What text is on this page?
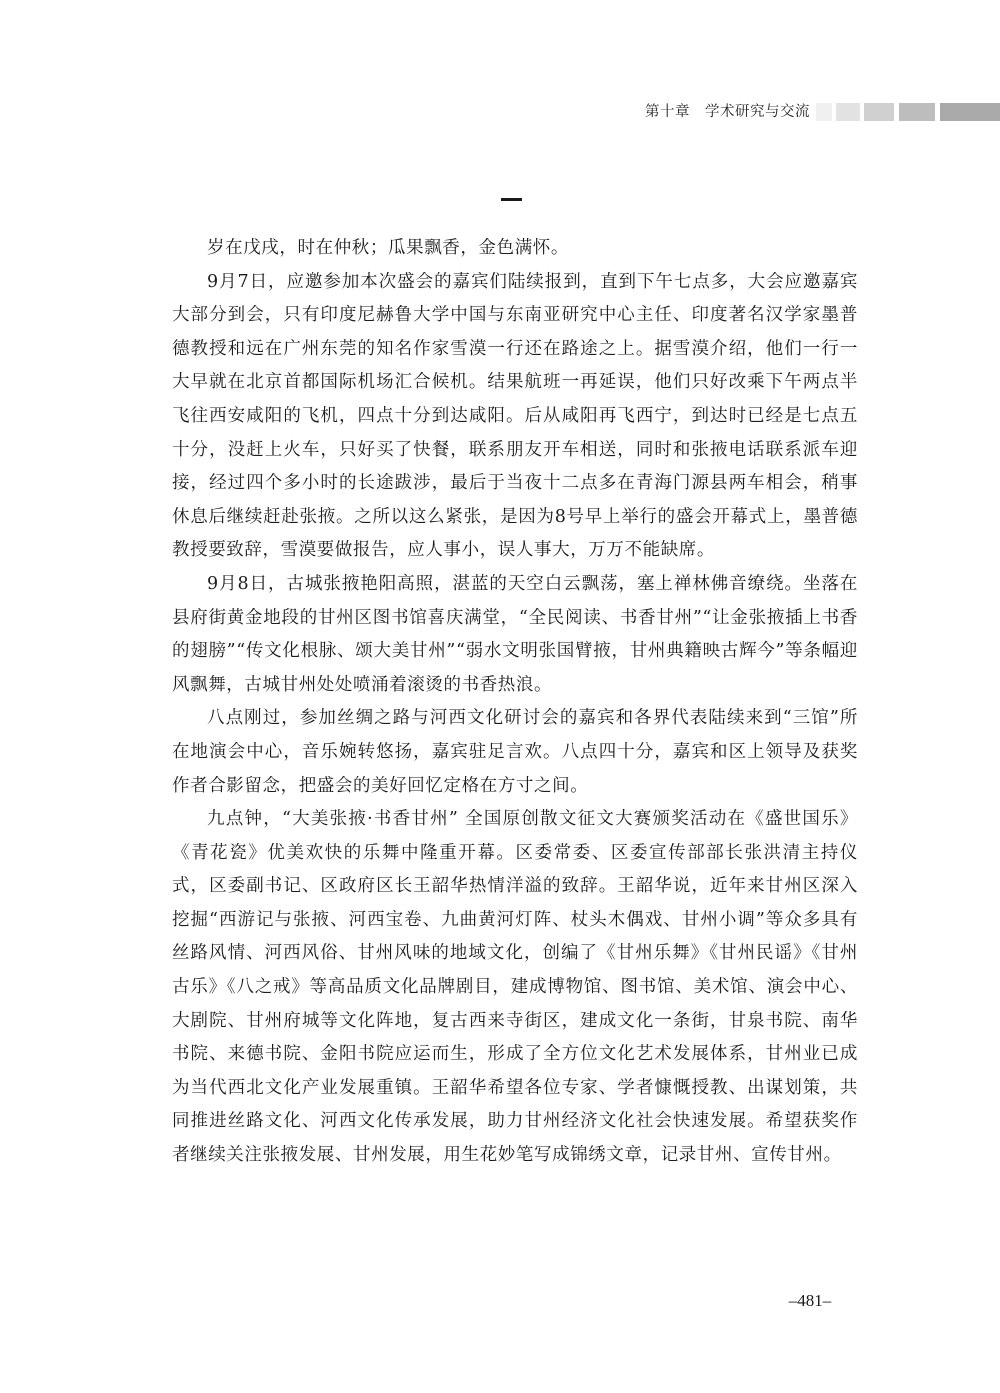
第十章　学术研究与交流

岁在戊戌，时在仲秋；瓜果飘香，金色满怀。

9月7日，应邀参加本次盛会的嘉宾们陆续报到，直到下午七点多，大会应邀嘉宾大部分到会，只有印度尼赫鲁大学中国与东南亚研究中心主任、印度著名汉学家墨普德教授和远在广州东莞的知名作家雪漠一行还在路途之上。据雪漠介绍，他们一行一大早就在北京首都国际机场汇合候机。结果航班一再延误，他们只好改乘下午两点半飞往西安咸阳的飞机，四点十分到达咸阳。后从咸阳再飞西宁，到达时已经是七点五十分，没赶上火车，只好买了快餐，联系朋友开车相送，同时和张掖电话联系派车迎接，经过四个多小时的长途跋涉，最后于当夜十二点多在青海门源县两车相会，稍事休息后继续赶赴张掖。之所以这么紧张，是因为8号早上举行的盛会开幕式上，墨普德教授要致辞，雪漠要做报告，应人事小，误人事大，万万不能缺席。

9月8日，古城张掖艳阳高照，湛蓝的天空白云飘荡，塞上禅林佛音缭绕。坐落在县府街黄金地段的甘州区图书馆喜庆满堂，“全民阅读、书香甘州”“让金张掖插上书香的翅膀”“传文化根脉、颂大美甘州”“弱水文明张国臂掖，甘州典籍映古辉今”等条幅迎风飘舞，古城甘州处处喷涌着滚烫的书香热浪。

八点刚过，参加丝绸之路与河西文化研讨会的嘉宾和各界代表陆续来到“三馆”所在地演会中心，音乐婉转悠扬，嘉宾驻足言欢。八点四十分，嘉宾和区上领导及获奖作者合影留念，把盛会的美好回忆定格在方寸之间。

九点钟，“大美张掖·书香甘州” 全国原创散文征文大赛颁奖活动在《盛世国乐》《青花瓷》优美欢快的乐舞中隆重开幕。区委常委、区委宣传部部长张洪清主持仪式，区委副书记、区政府区长王韶华热情洋溢的致辞。王韶华说，近年来甘州区深入挖掘“西游记与张掖、河西宝卷、九曲黄河灯阵、杖头木偶戏、甘州小调”等众多具有丝路风情、河西风俗、甘州风味的地域文化，创编了《甘州乐舞》《甘州民谣》《甘州古乐》《八之戒》等高品质文化品牌剧目，建成博物馆、图书馆、美术馆、演会中心、大剧院、甘州府城等文化阵地，复古西来寺街区，建成文化一条街，甘泉书院、南华书院、来德书院、金阳书院应运而生，形成了全方位文化艺术发展体系，甘州业已成为当代西北文化产业发展重镇。王韶华希望各位专家、学者慷慨授教、出谋划策，共同推进丝路文化、河西文化传承发展，助力甘州经济文化社会快速发展。希望获奖作者继续关注张掖发展、甘州发展，用生花妙笔写成锦绣文章，记录甘州、宣传甘州。

–481–
